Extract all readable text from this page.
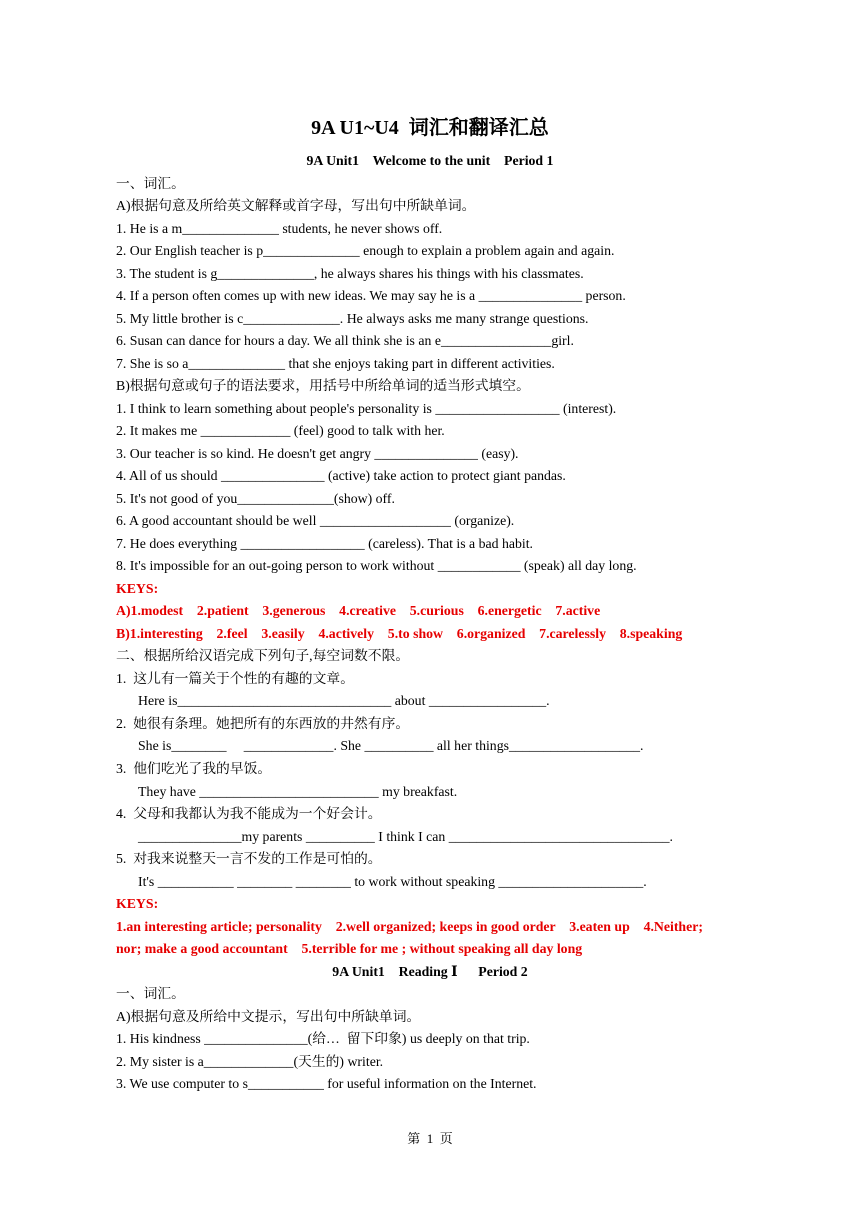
9A U1~U4  词汇和翻译汇总
9A Unit1    Welcome to the unit    Period 1
一、词汇。
A)根据句意及所给英文解释或首字母，写出句中所缺单词。
1. He is a m______________ students, he never shows off.
2. Our English teacher is p______________ enough to explain a problem again and again.
3. The student is g______________, he always shares his things with his classmates.
4. If a person often comes up with new ideas. We may say he is a _______________ person.
5. My little brother is c______________. He always asks me many strange questions.
6. Susan can dance for hours a day. We all think she is an e________________girl.
7. She is so a______________ that she enjoys taking part in different activities.
B)根据句意或句子的语法要求，用括号中所给单词的适当形式填空。
1. I think to learn something about people's personality is __________________ (interest).
2. It makes me _____________ (feel) good to talk with her.
3. Our teacher is so kind. He doesn't get angry _______________ (easy).
4. All of us should _______________ (active) take action to protect giant pandas.
5. It's not good of you______________(show) off.
6. A good accountant should be well ___________________ (organize).
7. He does everything __________________ (careless). That is a bad habit.
8. It's impossible for an out-going person to work without ____________ (speak) all day long.
KEYS:
A)1.modest    2.patient    3.generous    4.creative    5.curious    6.energetic    7.active
B)1.interesting    2.feel    3.easily    4.actively    5.to show    6.organized    7.carelessly    8.speaking
二、根据所给汉语完成下列句子,每空词数不限。
1.  这儿有一篇关于个性的有趣的文章。
Here is_______________________________ about _________________.
2.  她很有条理。她把所有的东西放的井然有序。
She is________     _____________. She __________ all her things___________________.
3.  他们吃光了我的早饭。
They have __________________________ my breakfast.
4.  父母和我都认为我不能成为一个好会计。
_______________my parents __________ I think I can ________________________________.
5.  对我来说整天一言不发的工作是可怕的。
It's ___________ ________ ________ to work without speaking _____________________.
KEYS:
1.an interesting article; personality    2.well organized; keeps in good order    3.eaten up    4.Neither;
nor; make a good accountant    5.terrible for me ; without speaking all day long
9A Unit1    Reading Ⅰ      Period 2
一、词汇。
A)根据句意及所给中文提示，写出句中所缺单词。
1. His kindness _______________(给…  留下印象) us deeply on that trip.
2. My sister is a_____________(天生的) writer.
3. We use computer to s___________ for useful information on the Internet.
第  1  页
